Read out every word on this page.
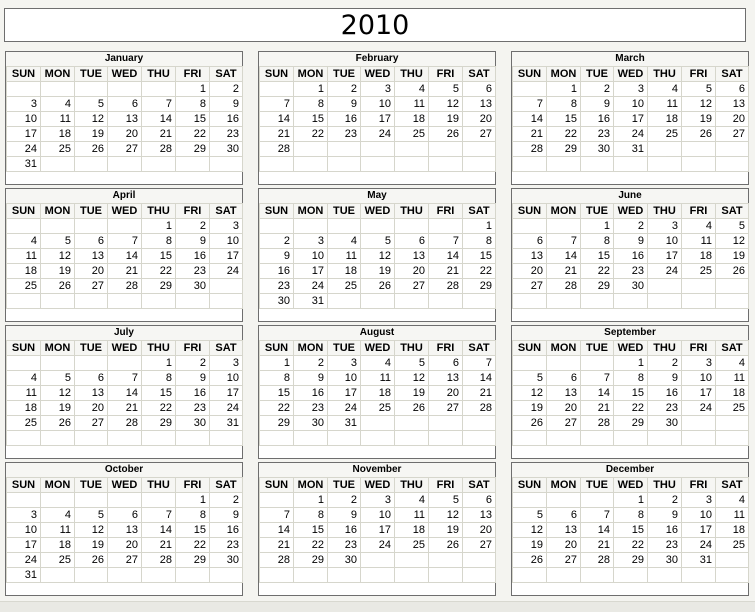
2010
January
SUN	MON	TUE	WED	THU	FRI	SAT
					1	2
3	4	5	6	7	8	9
10	11	12	13	14	15	16
17	18	19	20	21	22	23
24	25	26	27	28	29	30
31						
February
SUN	MON	TUE	WED	THU	FRI	SAT
	1	2	3	4	5	6
7	8	9	10	11	12	13
14	15	16	17	18	19	20
21	22	23	24	25	26	27
28						

March
SUN	MON	TUE	WED	THU	FRI	SAT
	1	2	3	4	5	6
7	8	9	10	11	12	13
14	15	16	17	18	19	20
21	22	23	24	25	26	27
28	29	30	31			

April
SUN	MON	TUE	WED	THU	FRI	SAT
				1	2	3
4	5	6	7	8	9	10
11	12	13	14	15	16	17
18	19	20	21	22	23	24
25	26	27	28	29	30	

May
SUN	MON	TUE	WED	THU	FRI	SAT
						1
2	3	4	5	6	7	8
9	10	11	12	13	14	15
16	17	18	19	20	21	22
23	24	25	26	27	28	29
30	31					
June
SUN	MON	TUE	WED	THU	FRI	SAT
		1	2	3	4	5
6	7	8	9	10	11	12
13	14	15	16	17	18	19
20	21	22	23	24	25	26
27	28	29	30			

July
SUN	MON	TUE	WED	THU	FRI	SAT
				1	2	3
4	5	6	7	8	9	10
11	12	13	14	15	16	17
18	19	20	21	22	23	24
25	26	27	28	29	30	31

August
SUN	MON	TUE	WED	THU	FRI	SAT
1	2	3	4	5	6	7
8	9	10	11	12	13	14
15	16	17	18	19	20	21
22	23	24	25	26	27	28
29	30	31				

September
SUN	MON	TUE	WED	THU	FRI	SAT
			1	2	3	4
5	6	7	8	9	10	11
12	13	14	15	16	17	18
19	20	21	22	23	24	25
26	27	28	29	30		

October
SUN	MON	TUE	WED	THU	FRI	SAT
					1	2
3	4	5	6	7	8	9
10	11	12	13	14	15	16
17	18	19	20	21	22	23
24	25	26	27	28	29	30
31						
November
SUN	MON	TUE	WED	THU	FRI	SAT
	1	2	3	4	5	6
7	8	9	10	11	12	13
14	15	16	17	18	19	20
21	22	23	24	25	26	27
28	29	30				

December
SUN	MON	TUE	WED	THU	FRI	SAT
			1	2	3	4
5	6	7	8	9	10	11
12	13	14	15	16	17	18
19	20	21	22	23	24	25
26	27	28	29	30	31	
